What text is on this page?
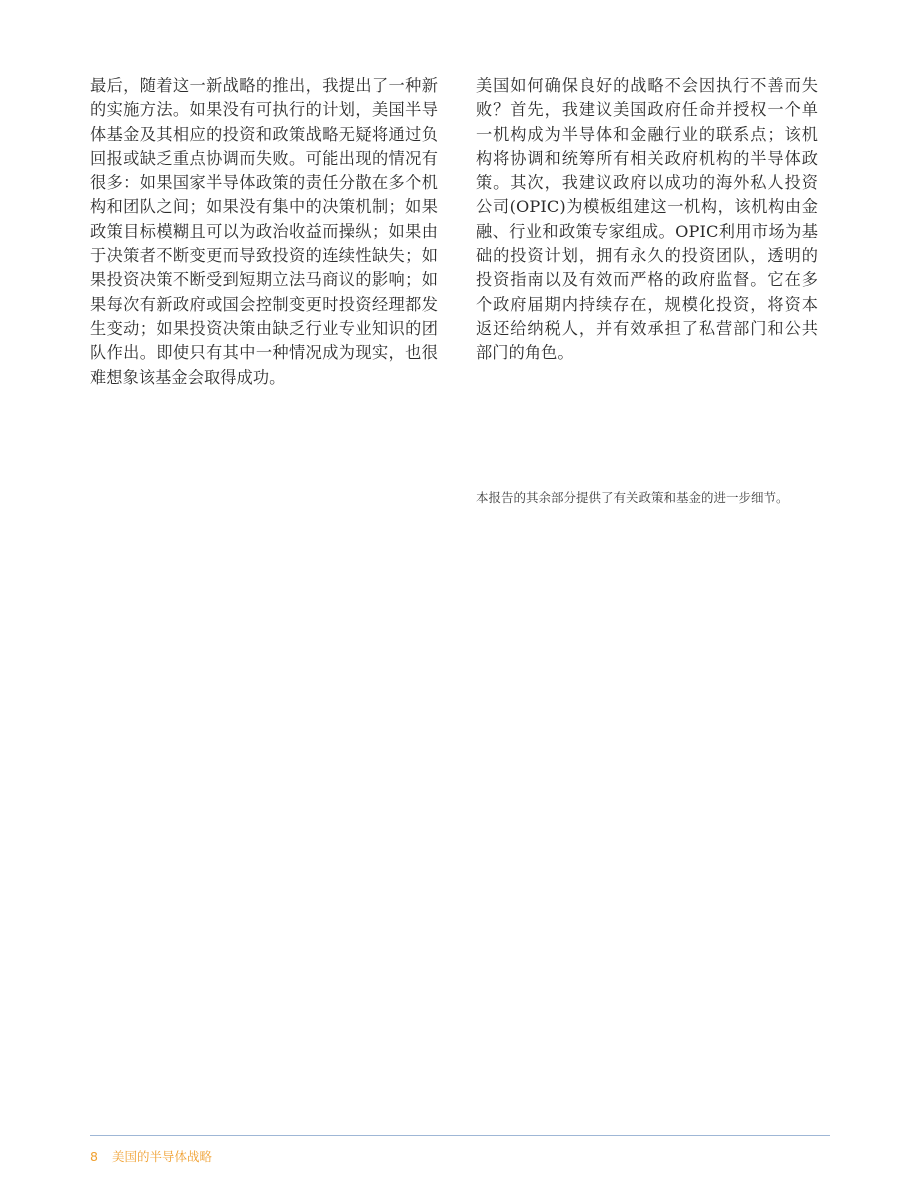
最后，随着这一新战略的推出，我提出了一种新的实施方法。如果没有可执行的计划，美国半导体基金及其相应的投资和政策战略无疑将通过负回报或缺乏重点协调而失败。可能出现的情况有很多：如果国家半导体政策的责任分散在多个机构和团队之间；如果没有集中的决策机制；如果政策目标模糊且可以为政治收益而操纵；如果由于决策者不断变更而导致投资的连续性缺失；如果投资决策不断受到短期立法马商议的影响；如果每次有新政府或国会控制变更时投资经理都发生变动；如果投资决策由缺乏行业专业知识的团队作出。即使只有其中一种情况成为现实，也很难想象该基金会取得成功。

美国如何确保良好的战略不会因执行不善而失败？首先，我建议美国政府任命并授权一个单一机构成为半导体和金融行业的联系点；该机构将协调和统筹所有相关政府机构的半导体政策。其次，我建议政府以成功的海外私人投资公司(OPIC)为模板组建这一机构，该机构由金融、行业和政策专家组成。OPIC利用市场为基础的投资计划，拥有永久的投资团队，透明的投资指南以及有效而严格的政府监督。它在多个政府届期内持续存在，规模化投资，将资本返还给纳税人，并有效承担了私营部门和公共部门的角色。

本报告的其余部分提供了有关政策和基金的进一步细节。

8 美国的半导体战略
